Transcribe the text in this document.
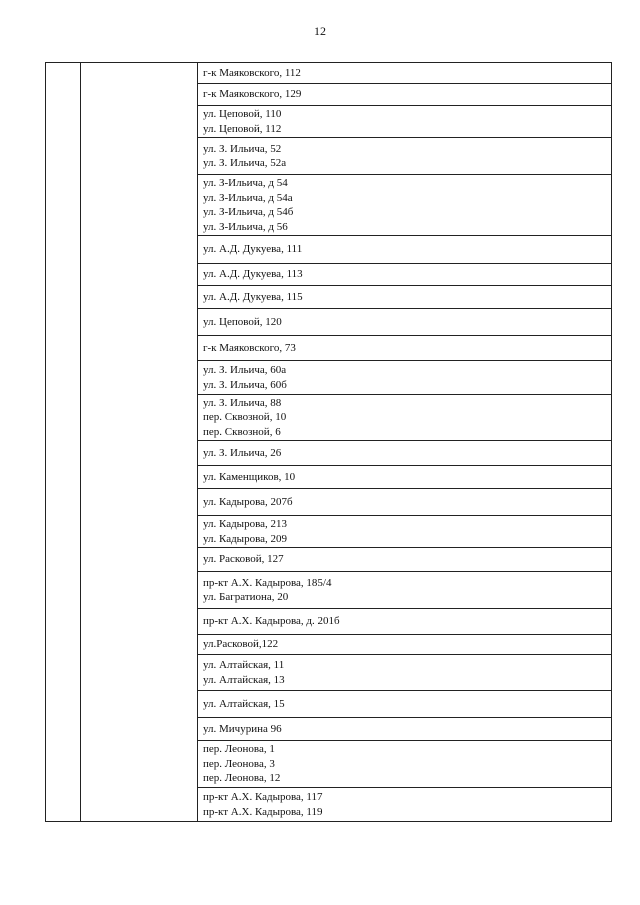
12
г-к Маяковского, 112
г-к Маяковского, 129
ул. Цеповой, 110
ул. Цеповой, 112
ул. З. Ильича, 52
ул. З. Ильича, 52а
ул. З-Ильича, д 54
ул. З-Ильича, д 54а
ул. З-Ильича, д 54б
ул. З-Ильича, д 56
ул. А.Д. Дукуева, 111
ул. А.Д. Дукуева, 113
ул. А.Д. Дукуева, 115
ул. Цеповой, 120
г-к Маяковского, 73
ул. З. Ильича, 60а
ул. З. Ильича, 60б
ул. З. Ильича, 88
пер. Сквозной, 10
пер. Сквозной, 6
ул. З. Ильича, 26
ул. Каменщиков, 10
ул. Кадырова, 207б
ул. Кадырова, 213
ул. Кадырова, 209
ул. Расковой, 127
пр-кт А.Х. Кадырова, 185/4
ул. Багратиона, 20
пр-кт А.Х. Кадырова, д. 201б
ул.Расковой,122
ул. Алтайская, 11
ул. Алтайская, 13
ул. Алтайская, 15
ул. Мичурина 96
пер. Леонова, 1
пер. Леонова, 3
пер. Леонова, 12
пр-кт А.Х. Кадырова, 117
пр-кт А.Х. Кадырова, 119
